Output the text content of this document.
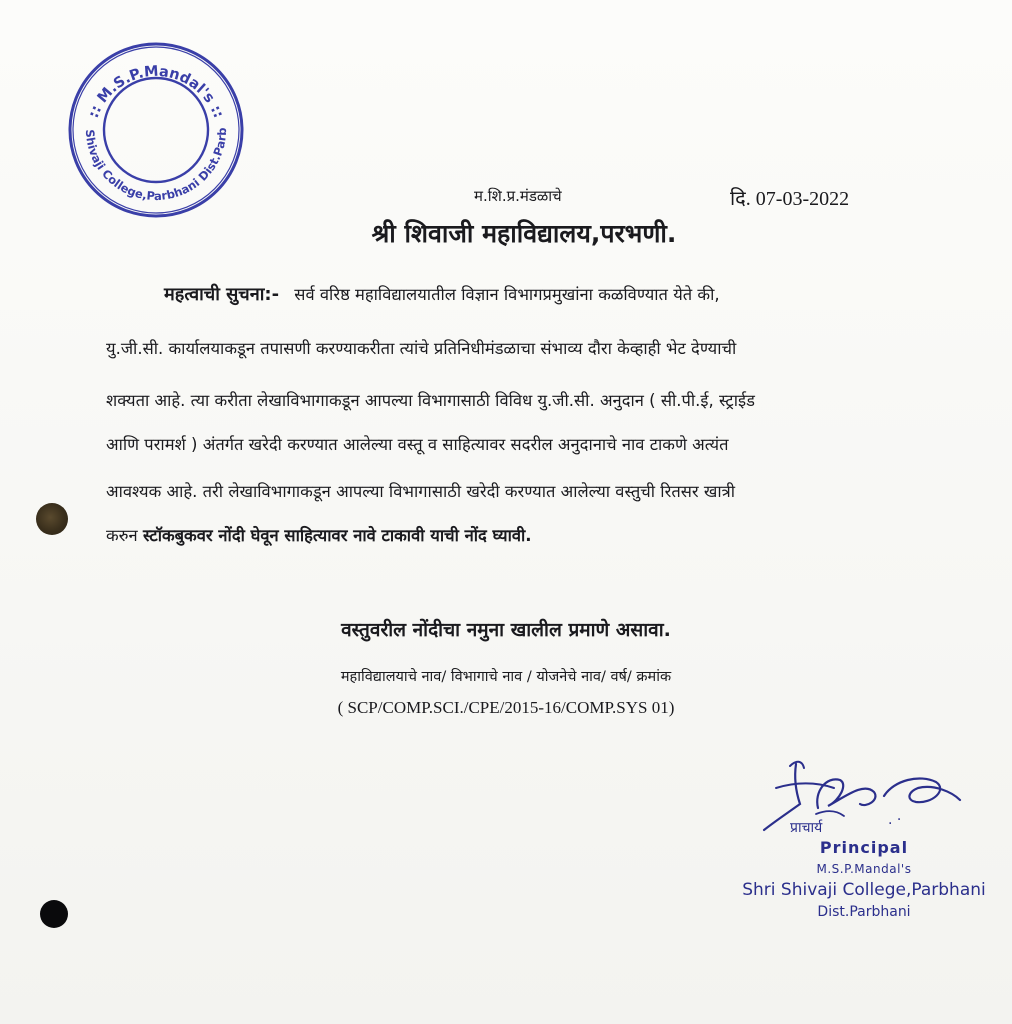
:: M.S.P.Mandal's ::
Shivaji College,Parbhani Dist.Parb
म.शि.प्र.मंडळाचे	दि. 07-03-2022
श्री शिवाजी महाविद्यालय,परभणी.
महत्वाची सुचना:- सर्व वरिष्ठ महाविद्यालयातील विज्ञान विभागप्रमुखांना कळविण्यात येते की,
यु.जी.सी. कार्यालयाकडून तपासणी करण्याकरीता त्यांचे प्रतिनिधीमंडळाचा संभाव्य दौरा केव्हाही भेट देण्याची
शक्यता आहे. त्या करीता लेखाविभागाकडून आपल्या विभागासाठी विविध यु.जी.सी. अनुदान ( सी.पी.ई, स्ट्राईड
आणि परामर्श ) अंतर्गत खरेदी करण्यात आलेल्या वस्तू व साहित्यावर सदरील अनुदानाचे नाव टाकणे अत्यंत
आवश्यक आहे. तरी लेखाविभागाकडून आपल्या विभागासाठी खरेदी करण्यात आलेल्या वस्तुची रितसर खात्री
करुन स्टॉकबुकवर नोंदी घेवून साहित्यावर नावे टाकावी याची नोंद घ्यावी.
वस्तुवरील नोंदीचा नमुना खालील प्रमाणे असावा.
महाविद्यालयाचे नाव/ विभागाचे नाव / योजनेचे नाव/ वर्ष/ क्रमांक
( SCP/COMP.SCI./CPE/2015-16/COMP.SYS 01)
प्राचार्य	. ·
Principal
M.S.P.Mandal's
Shri Shivaji College,Parbhani
Dist.Parbhani
